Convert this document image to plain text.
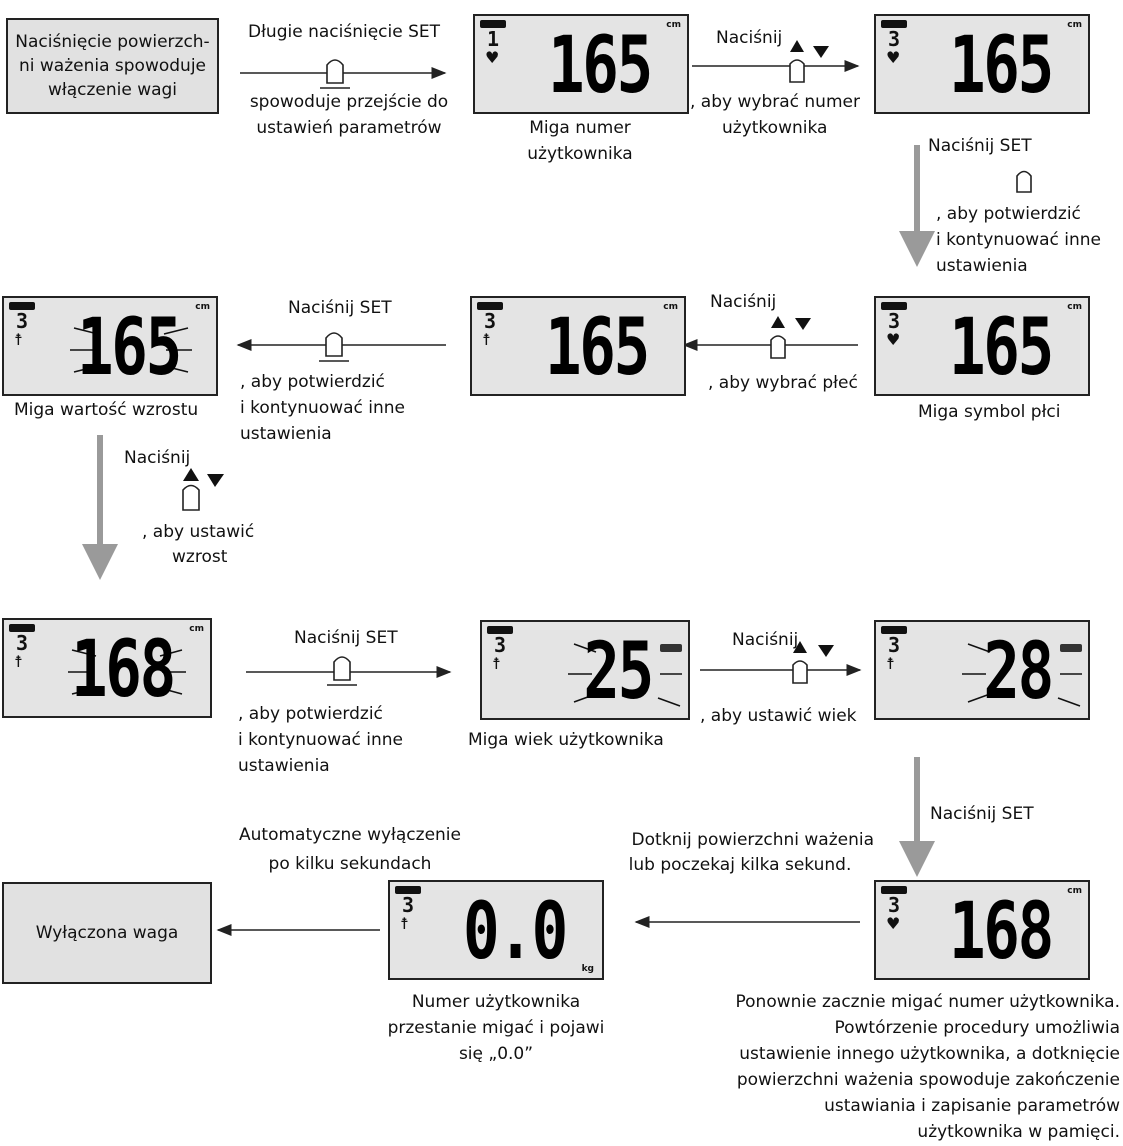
Naciśnięcie powierzch-
ni ważenia spowoduje
włączenie wagi
Wyłączona waga
1
♥ 165 cm
3
♥ 165 cm
3
♥ 165 cm
3
☨ 165 cm
3
☨ 165 cm
3
☨ 168 cm
3
☨ 25	3
☨ 28
3
♥ 168 cm
3
☨ 0.0 kg
Długie naciśnięcie SET
spowoduje przejście do
ustawień parametrów	Miga numer
użytkownika
Naciśnij
, aby wybrać numer
użytkownika
Naciśnij SET
, aby potwierdzić
i kontynuować inne
ustawienia
Naciśnij
, aby wybrać płeć
Miga symbol płci
Naciśnij SET
, aby potwierdzić
i kontynuować inne
ustawienia
Miga wartość wzrostu
Naciśnij
, aby ustawić
wzrost
Naciśnij SET
, aby potwierdzić
i kontynuować inne
ustawienia
Miga wiek użytkownika
Naciśnij
, aby ustawić wiek
Naciśnij SET
Dotknij powierzchni ważenia
lub poczekaj kilka sekund.
Automatyczne wyłączenie
po kilku sekundach
Numer użytkownika
przestanie migać i pojawi
się „0.0”
Ponownie zacznie migać numer użytkownika.
Powtórzenie procedury umożliwia
ustawienie innego użytkownika, a dotknięcie
powierzchni ważenia spowoduje zakończenie
ustawiania i zapisanie parametrów
użytkownika w pamięci.
